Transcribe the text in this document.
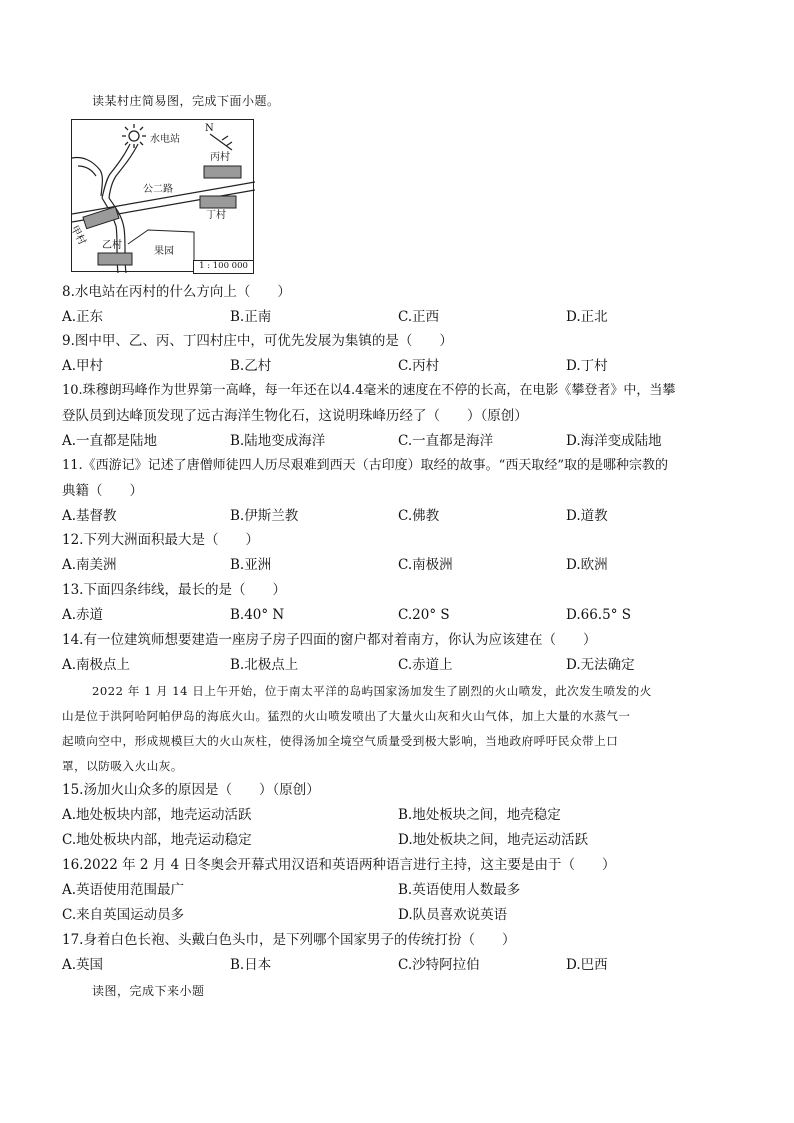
读某村庄简易图，完成下面小题。
水电站
N
丙村
公二路
丁村
甲村 乙村
果园
1 : 100 000
8.水电站在丙村的什么方向上（　　）
A.正东	B.正南	C.正西	D.正北
9.图中甲、乙、丙、丁四村庄中，可优先发展为集镇的是（　　）
A.甲村	B.乙村	C.丙村	D.丁村
10.珠穆朗玛峰作为世界第一高峰，每一年还在以4.4毫米的速度在不停的长高，在电影《攀登者》中，当攀
登队员到达峰顶发现了远古海洋生物化石，这说明珠峰历经了（　　）（原创）
A.一直都是陆地	B.陆地变成海洋	C.一直都是海洋	D.海洋变成陆地
11.《西游记》记述了唐僧师徒四人历尽艰难到西天（古印度）取经的故事。“西天取经”取的是哪种宗教的
典籍（　　）
A.基督教	B.伊斯兰教	C.佛教	D.道教
12.下列大洲面积最大是（　　）
A.南美洲	B.亚洲	C.南极洲	D.欧洲
13.下面四条纬线，最长的是（　　）
A.赤道	B.40° N	C.20° S	D.66.5° S
14.有一位建筑师想要建造一座房子房子四面的窗户都对着南方，你认为应该建在（　　）
A.南极点上	B.北极点上	C.赤道上	D.无法确定
2022 年 1 月 14 日上午开始，位于南太平洋的岛屿国家汤加发生了剧烈的火山喷发，此次发生喷发的火
山是位于洪阿哈阿帕伊岛的海底火山。猛烈的火山喷发喷出了大量火山灰和火山气体，加上大量的水蒸气一
起喷向空中，形成规模巨大的火山灰柱，使得汤加全境空气质量受到极大影响，当地政府呼吁民众带上口
罩，以防吸入火山灰。
15.汤加火山众多的原因是（　　）（原创）
A.地处板块内部，地壳运动活跃	B.地处板块之间，地壳稳定
C.地处板块内部，地壳运动稳定	D.地处板块之间，地壳运动活跃
16.2022 年 2 月 4 日冬奥会开幕式用汉语和英语两种语言进行主持，这主要是由于（　　）
A.英语使用范围最广	B.英语使用人数最多
C.来自英国运动员多	D.队员喜欢说英语
17.身着白色长袍、头戴白色头巾，是下列哪个国家男子的传统打扮（　　）
A.英国	B.日本	C.沙特阿拉伯	D.巴西
读图，完成下来小题
